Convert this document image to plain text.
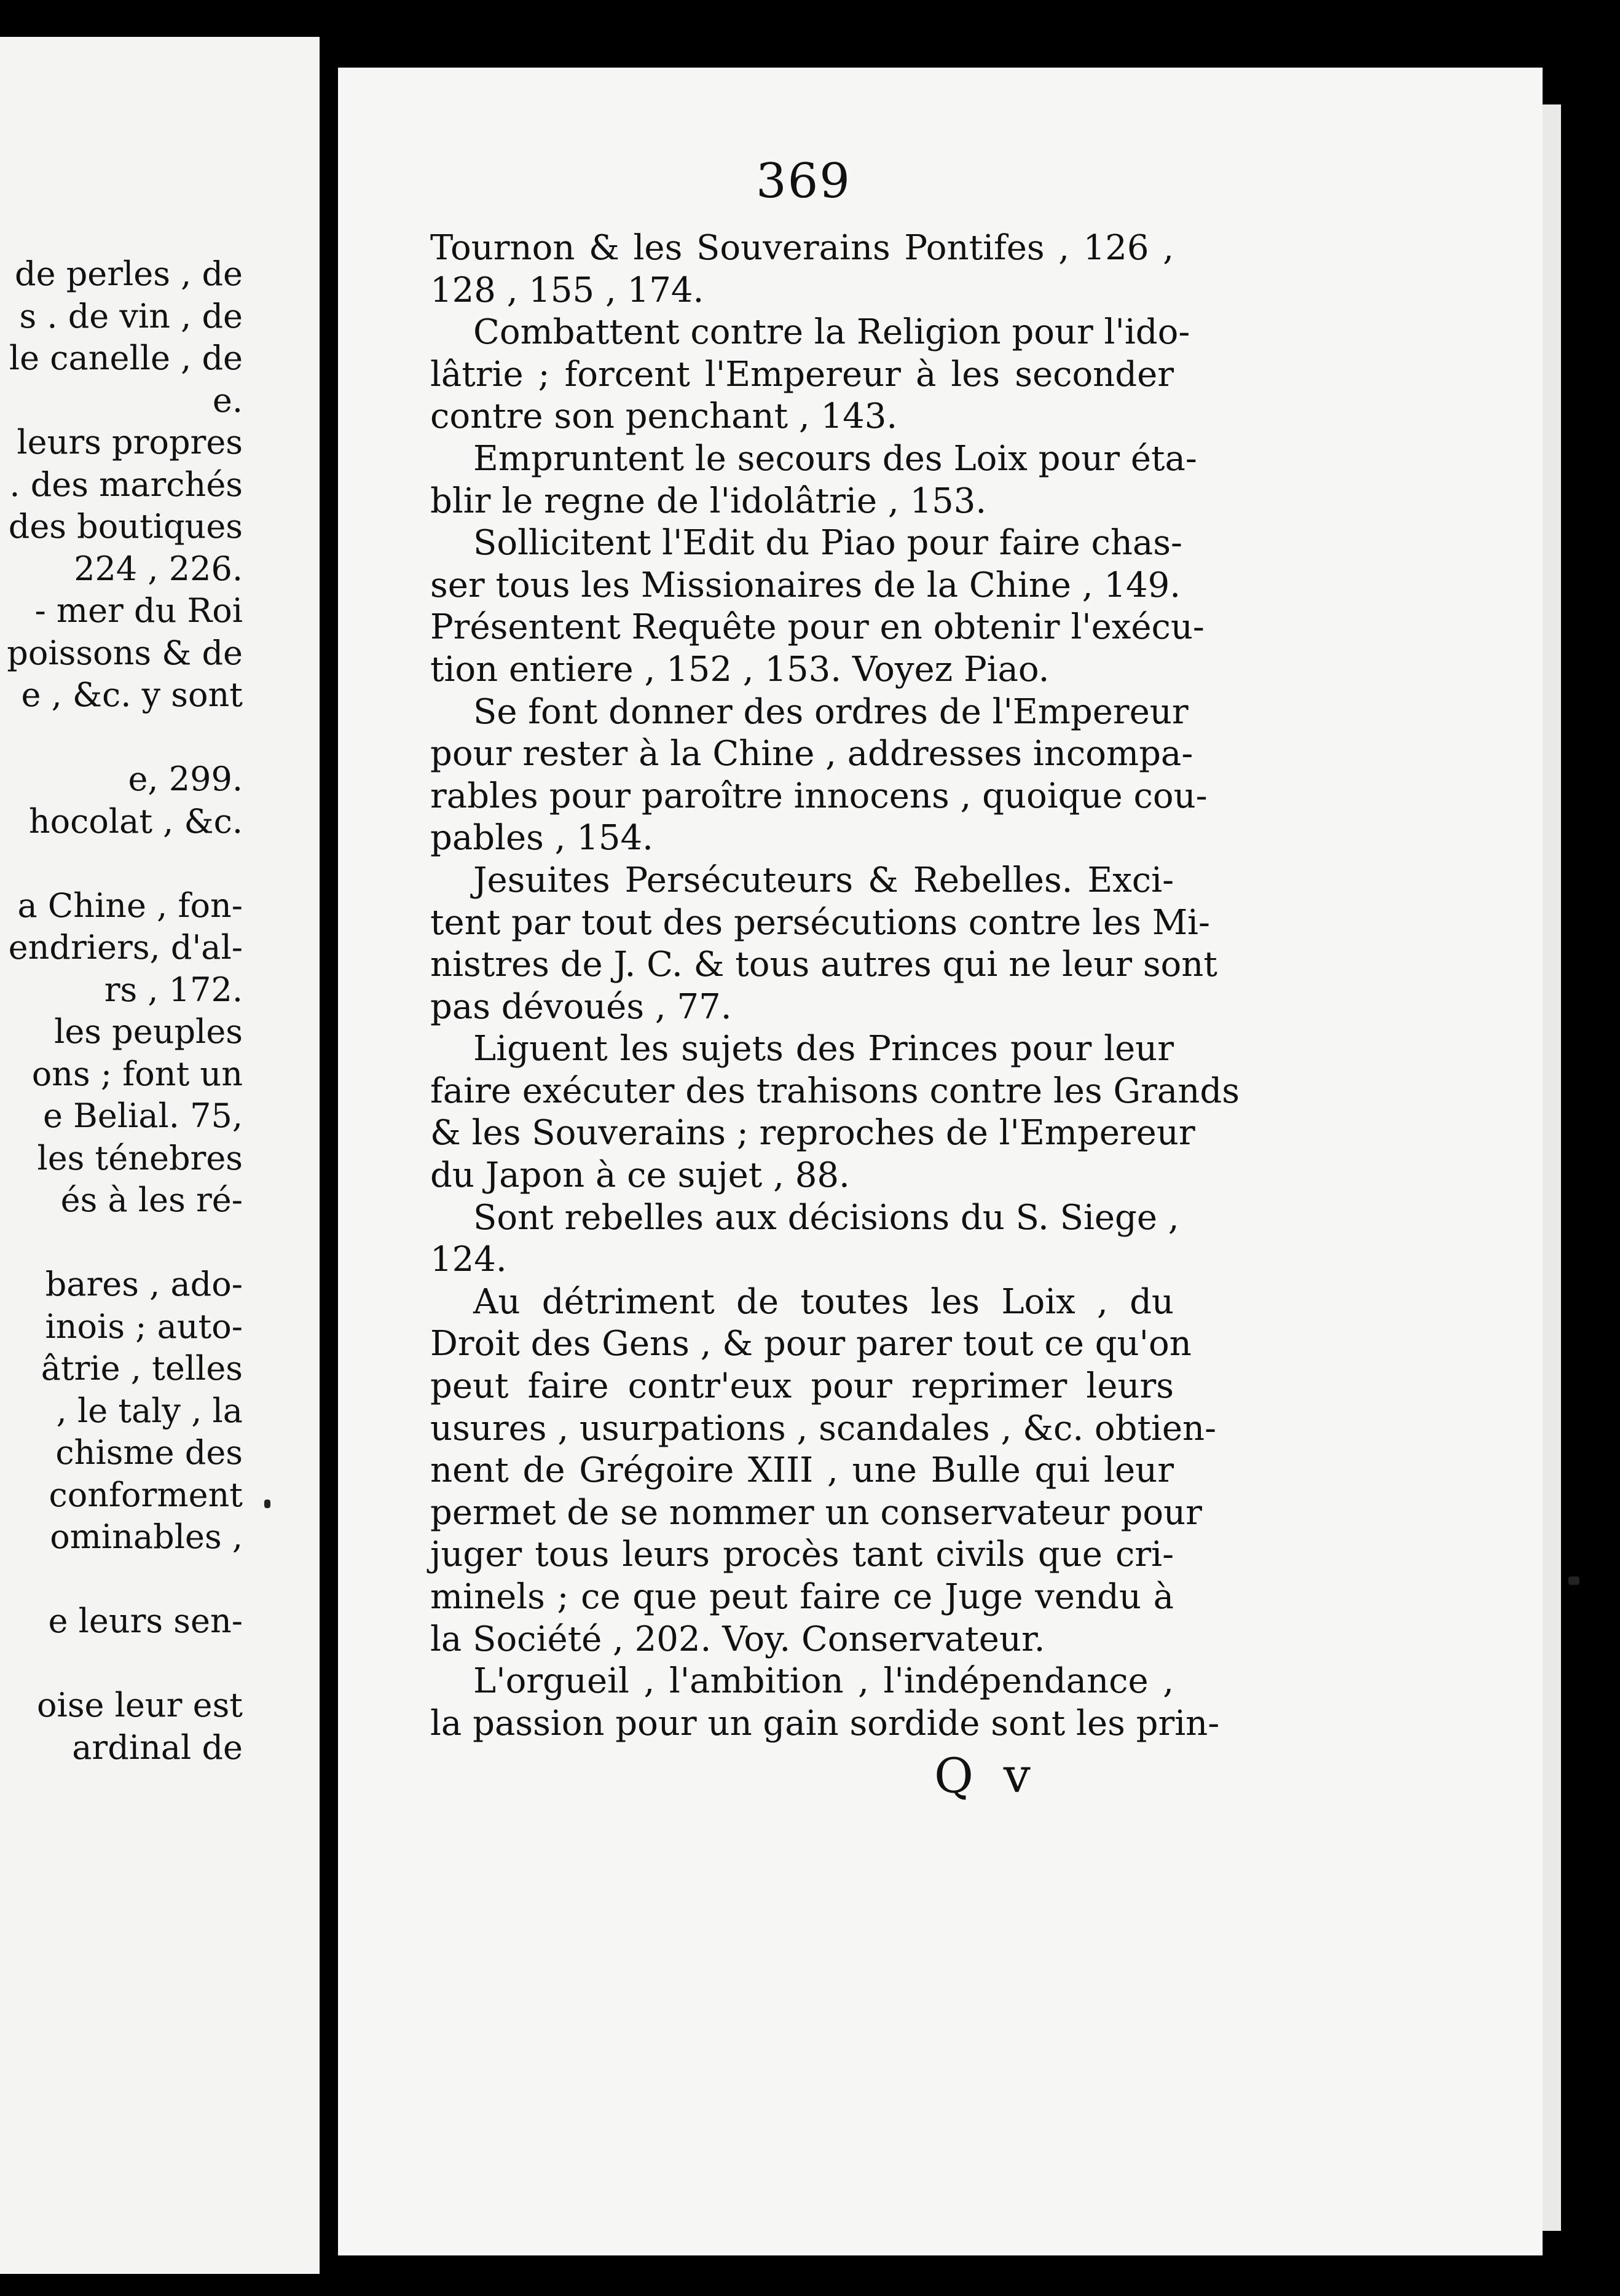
de perles , de
s . de vin , de
le canelle , de
e.
leurs propres
. des marchés
des boutiques
224 , 226.
- mer du Roi
poissons & de
e , &c. y sont
e, 299.
hocolat , &c.
a Chine , fon-
endriers, d'al-
rs , 172.
les peuples
ons ; font un
e Belial. 75,
les ténebres
és à les ré-
bares , ado-
inois ; auto-
âtrie , telles
, le taly , la
chisme des
conforment
ominables ,
e leurs sen-
oise leur est
ardinal de
369
Tournon & les Souverains Pontifes , 126 ,
128 , 155 , 174.
Combattent contre la Religion pour l'ido-
lâtrie ; forcent l'Empereur à les seconder
contre son penchant , 143.
Empruntent le secours des Loix pour éta-
blir le regne de l'idolâtrie , 153.
Sollicitent l'Edit du Piao pour faire chas-
ser tous les Missionaires de la Chine , 149.
Présentent Requête pour en obtenir l'exécu-
tion entiere , 152 , 153. Voyez Piao.
Se font donner des ordres de l'Empereur
pour rester à la Chine , addresses incompa-
rables pour paroître innocens , quoique cou-
pables , 154.
Jesuites Persécuteurs & Rebelles. Exci-
tent par tout des persécutions contre les Mi-
nistres de J. C. & tous autres qui ne leur sont
pas dévoués , 77.
Liguent les sujets des Princes pour leur
faire exécuter des trahisons contre les Grands
& les Souverains ; reproches de l'Empereur
du Japon à ce sujet , 88.
Sont rebelles aux décisions du S. Siege ,
124.
Au détriment de toutes les Loix , du
Droit des Gens , & pour parer tout ce qu'on
peut faire contr'eux pour reprimer leurs
usures , usurpations , scandales , &c. obtien-
nent de Grégoire XIII , une Bulle qui leur
permet de se nommer un conservateur pour
juger tous leurs procès tant civils que cri-
minels ; ce que peut faire ce Juge vendu à
la Société , 202. Voy. Conservateur.
L'orgueil , l'ambition , l'indépendance ,
la passion pour un gain sordide sont les prin-
Q v
